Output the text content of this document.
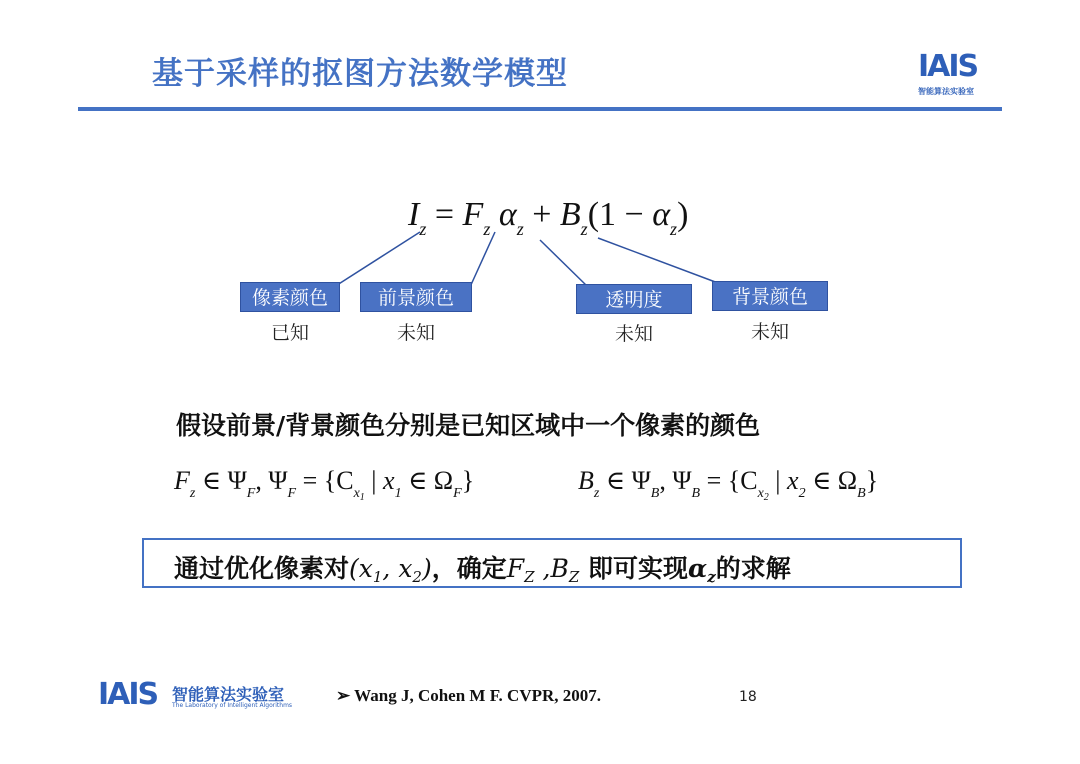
基于采样的抠图方法数学模型	IAIS
智能算法实验室
$I_z = F_z$ $\alpha_z + B_z(1 - \alpha_z)$
像素颜色
已知
前景颜色
未知
透明度
未知
背景颜色
未知
假设前景/背景颜色分别是已知区域中一个像素的颜色
$F_z$ ∈ $\Psi_F$, $\Psi_F = \{C_{x_1}$ | $x_1$ ∈ $\Omega_F$}	$B_z$ ∈ $\Psi_B$, $\Psi_B = \{C_{x_2}$ | $x_2$ ∈ $\Omega_B$}
通过优化像素对($x_1$, $x_2$)，确定$F_Z$ $,B_Z$ 即可实现$\alpha_z$的求解
IAIS 智能算法实验室
The Laboratory of Intelligent Algorithms
➢ Wang J, Cohen M F. CVPR, 2007.	18
